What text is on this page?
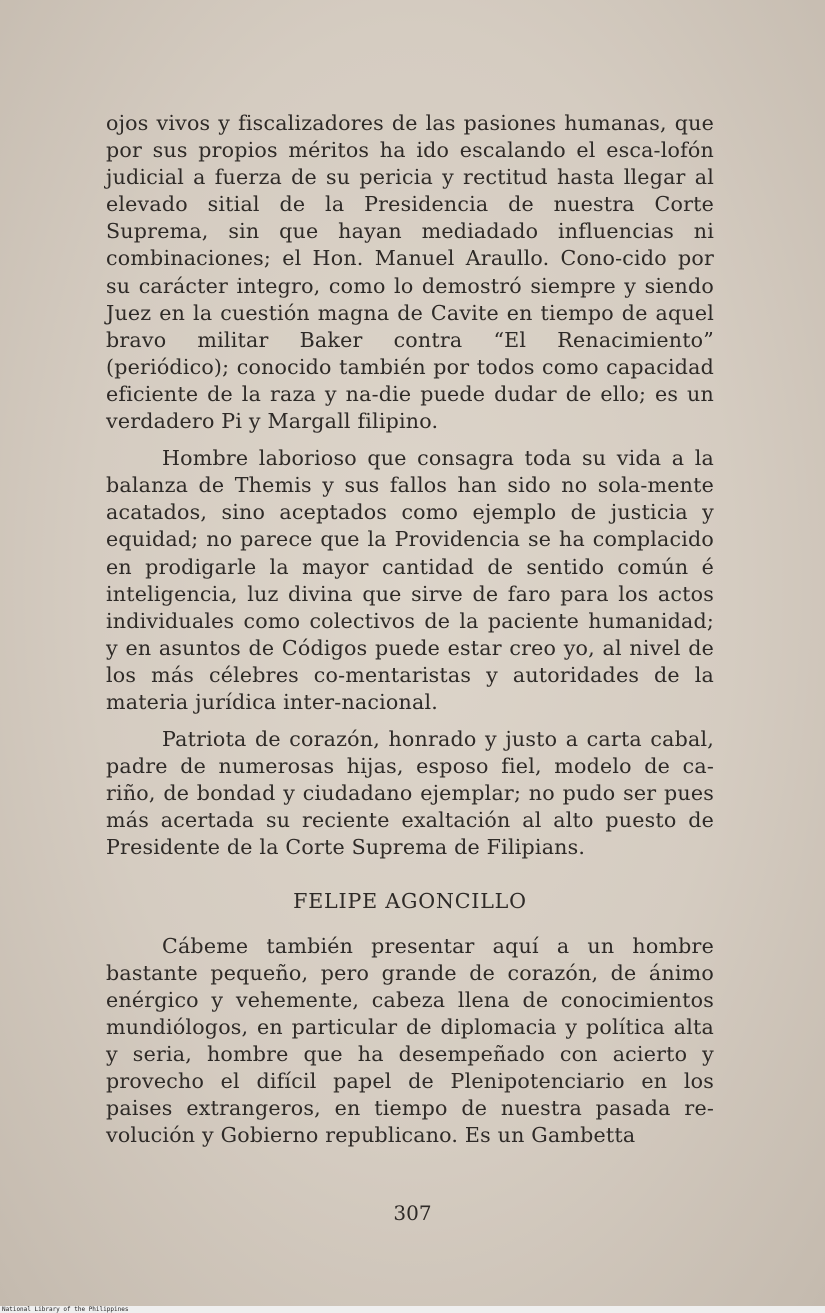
ojos vivos y fiscalizadores de las pasiones humanas, que por sus propios méritos ha ido escalando el esca-lofón judicial a fuerza de su pericia y rectitud hasta llegar al elevado sitial de la Presidencia de nuestra Corte Suprema, sin que hayan mediadado influencias ni combinaciones; el Hon. Manuel Araullo. Cono-cido por su carácter integro, como lo demostró siempre y siendo Juez en la cuestión magna de Cavite en tiempo de aquel bravo militar Baker contra “El Renacimiento” (periódico); conocido también por todos como capacidad eficiente de la raza y na-die puede dudar de ello; es un verdadero Pi y Margall filipino.

Hombre laborioso que consagra toda su vida a la balanza de Themis y sus fallos han sido no sola-mente acatados, sino aceptados como ejemplo de justicia y equidad; no parece que la Providencia se ha complacido en prodigarle la mayor cantidad de sentido común é inteligencia, luz divina que sirve de faro para los actos individuales como colectivos de la paciente humanidad; y en asuntos de Códigos puede estar creo yo, al nivel de los más célebres co-mentaristas y autoridades de la materia jurídica inter-nacional.

Patriota de corazón, honrado y justo a carta cabal, padre de numerosas hijas, esposo fiel, modelo de ca-riño, de bondad y ciudadano ejemplar; no pudo ser pues más acertada su reciente exaltación al alto puesto de Presidente de la Corte Suprema de Filipians.

FELIPE AGONCILLO

Cábeme también presentar aquí a un hombre bastante pequeño, pero grande de corazón, de ánimo enérgico y vehemente, cabeza llena de conocimientos mundiólogos, en particular de diplomacia y política alta y seria, hombre que ha desempeñado con acierto y provecho el difícil papel de Plenipotenciario en los paises extrangeros, en tiempo de nuestra pasada re-volución y Gobierno republicano. Es un Gambetta

307
National Library of the Philippines
